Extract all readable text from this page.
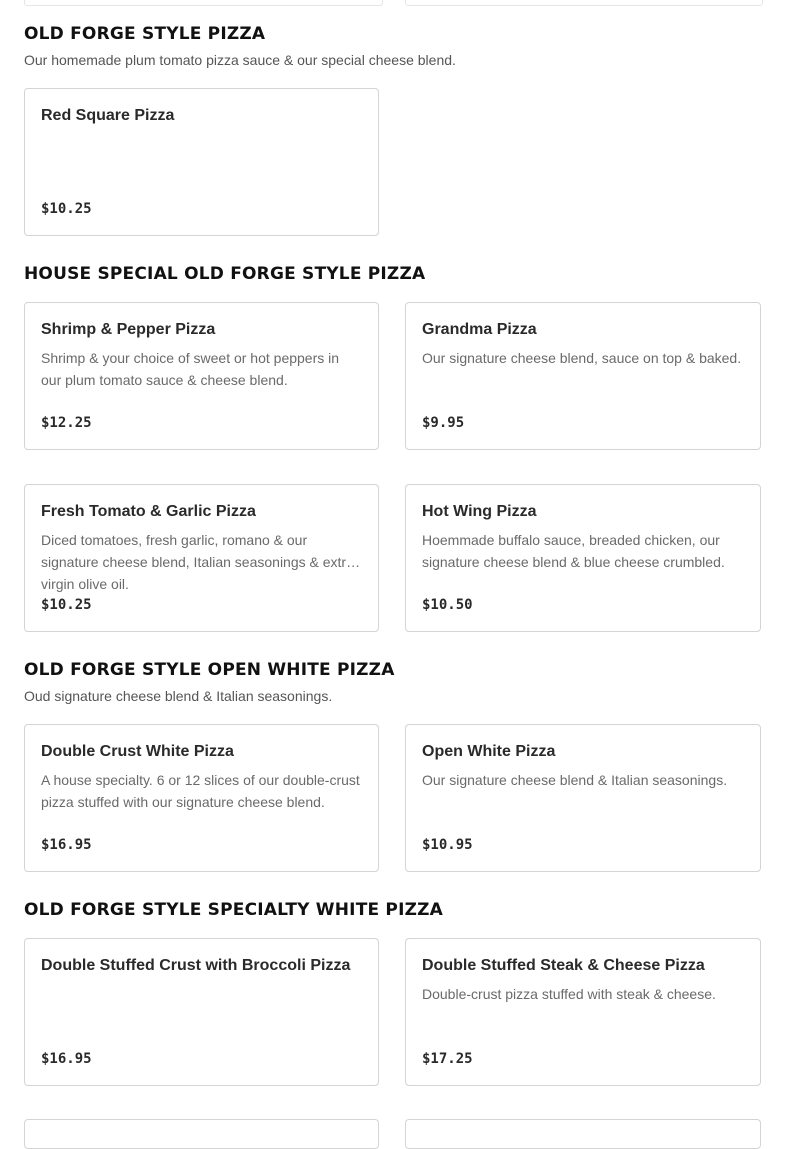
OLD FORGE STYLE PIZZA

Our homemade plum tomato pizza sauce & our special cheese blend.

Red Square Pizza
$10.25
HOUSE SPECIAL OLD FORGE STYLE PIZZA
Shrimp & Pepper Pizza
Shrimp & your choice of sweet or hot peppers in our plum tomato sauce & cheese blend.
$12.25
Grandma Pizza
Our signature cheese blend, sauce on top & baked.
$9.95
Fresh Tomato & Garlic Pizza
Diced tomatoes, fresh garlic, romano & our signature cheese blend, Italian seasonings & extra virgin olive oil.
$10.25
Hot Wing Pizza
Hoemmade buffalo sauce, breaded chicken, our signature cheese blend & blue cheese crumbled.
$10.50
OLD FORGE STYLE OPEN WHITE PIZZA

Oud signature cheese blend & Italian seasonings.

Double Crust White Pizza
A house specialty. 6 or 12 slices of our double-crust pizza stuffed with our signature cheese blend.
$16.95
Open White Pizza
Our signature cheese blend & Italian seasonings.
$10.95
OLD FORGE STYLE SPECIALTY WHITE PIZZA
Double Stuffed Crust with Broccoli Pizza
$16.95
Double Stuffed Steak & Cheese Pizza
Double-crust pizza stuffed with steak & cheese.
$17.25
